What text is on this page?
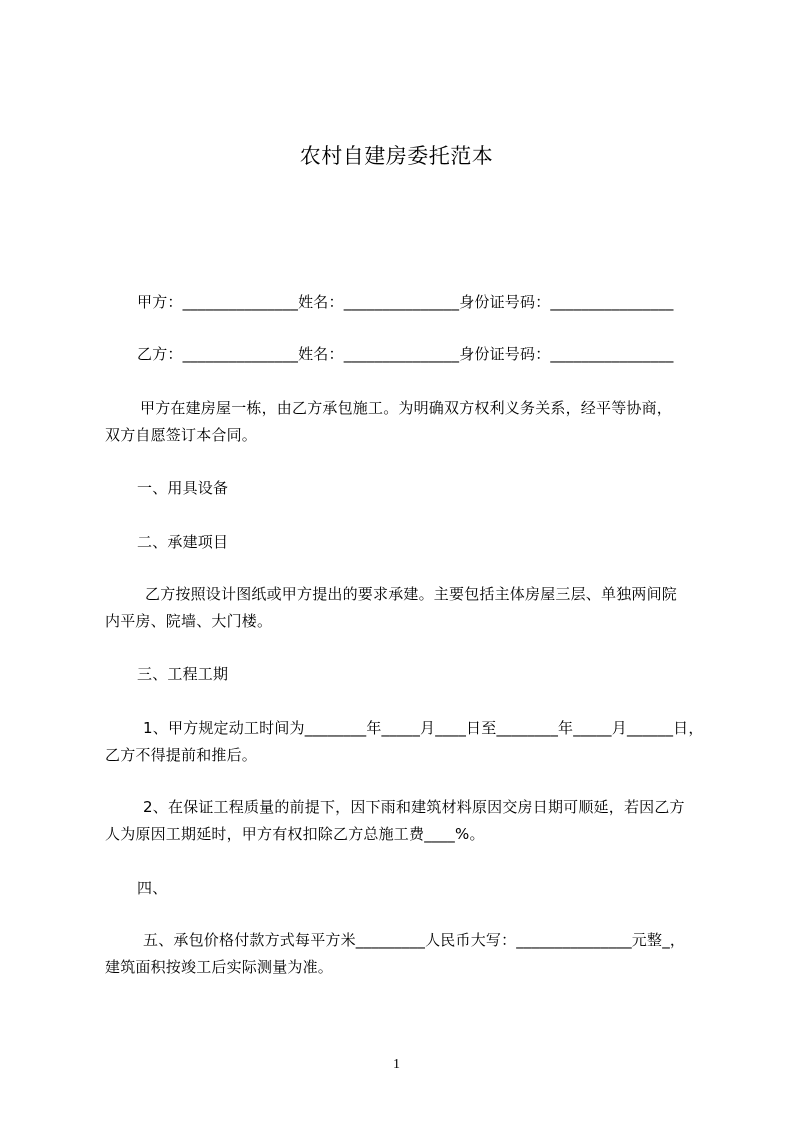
农村自建房委托范本
甲方：_______________姓名：_______________身份证号码：________________
乙方：_______________姓名：_______________身份证号码：________________
甲方在建房屋一栋，由乙方承包施工。为明确双方权利义务关系，经平等协商，
双方自愿签订本合同。
一、用具设备
二、承建项目
乙方按照设计图纸或甲方提出的要求承建。主要包括主体房屋三层、单独两间院
内平房、院墙、大门楼。
三、工程工期
1、甲方规定动工时间为________年_____月____日至________年_____月______日，
乙方不得提前和推后。
2、在保证工程质量的前提下，因下雨和建筑材料原因交房日期可顺延，若因乙方
人为原因工期延时，甲方有权扣除乙方总施工费____%。
四、
五、承包价格付款方式每平方米_________人民币大写：_______________元整_，
建筑面积按竣工后实际测量为准。
1
